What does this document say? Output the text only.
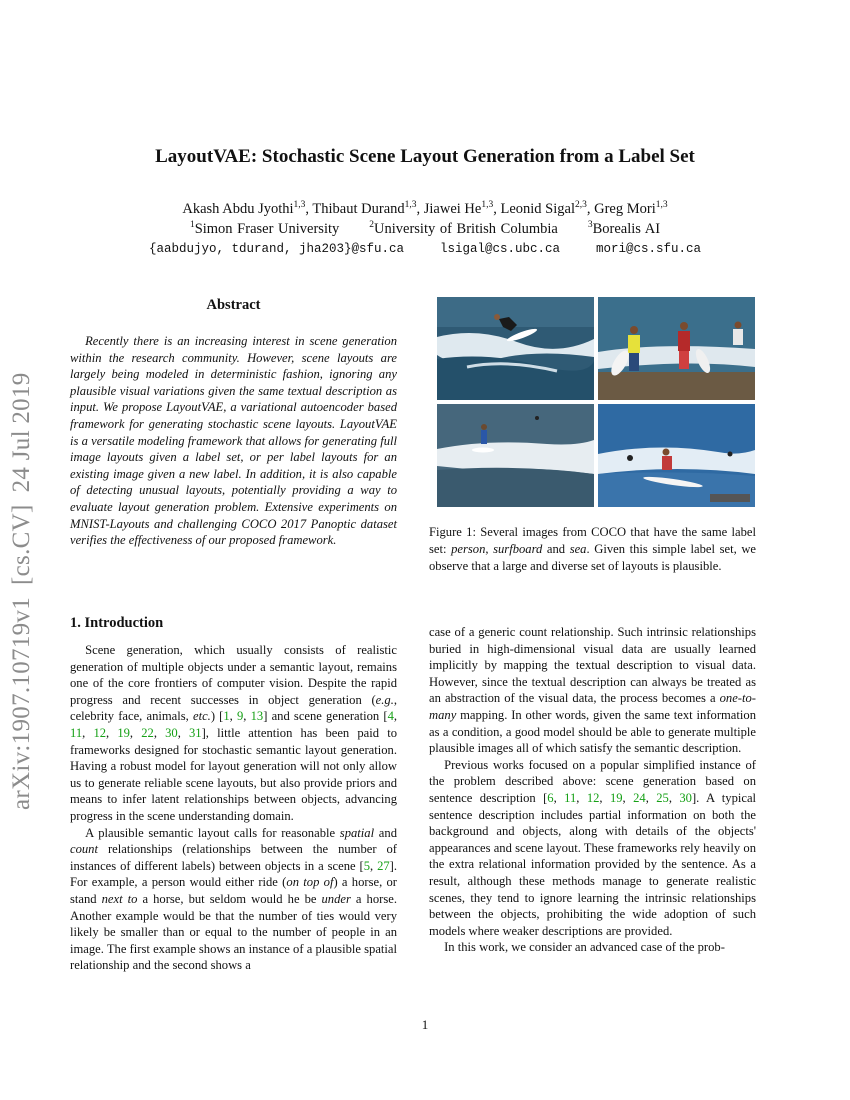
LayoutVAE: Stochastic Scene Layout Generation from a Label Set
Akash Abdu Jyothi$^{1,3}$, Thibaut Durand$^{1,3}$, Jiawei He$^{1,3}$, Leonid Sigal$^{2,3}$, Greg Mori$^{1,3}$
$^1$Simon Fraser University	$^2$University of British Columbia	$^3$Borealis AI
{aabdujyo, tdurand, jha203}@sfu.ca	lsigal@cs.ubc.ca	mori@cs.sfu.ca
arXiv:1907.10719v1[cs.CV]24 Jul 2019
Abstract

Recently there is an increasing interest in scene generation within the research community. However, scene layouts are largely being modeled in deterministic fashion, ignoring any plausible visual variations given the same textual description as input. We propose LayoutVAE, a variational autoencoder based framework for generating stochastic scene layouts. LayoutVAE is a versatile modeling framework that allows for generating full image layouts given a label set, or per label layouts for an existing image given a new label. In addition, it is also capable of detecting unusual layouts, potentially providing a way to evaluate layout generation problem. Extensive experiments on MNIST-Layouts and challenging COCO 2017 Panoptic dataset verifies the effectiveness of our proposed framework.

Figure 1: Several images from COCO that have the same label set: person, surfboard and sea. Given this simple label set, we observe that a large and diverse set of layouts is plausible.
1. Introduction

Scene generation, which usually consists of realistic generation of multiple objects under a semantic layout, remains one of the core frontiers of computer vision. Despite the rapid progress and recent successes in object generation (e.g., celebrity face, animals, etc.) [1, 9, 13] and scene generation [4, 11, 12, 19, 22, 30, 31], little attention has been paid to frameworks designed for stochastic semantic layout generation. Having a robust model for layout generation will not only allow us to generate reliable scene layouts, but also provide priors and means to infer latent relationships between objects, advancing progress in the scene understanding domain.

A plausible semantic layout calls for reasonable spatial and count relationships (relationships between the number of instances of different labels) between objects in a scene [5, 27]. For example, a person would either ride (on top of) a horse, or stand next to a horse, but seldom would he be under a horse. Another example would be that the number of ties would very likely be smaller than or equal to the number of people in an image. The first example shows an instance of a plausible spatial relationship and the second shows a

case of a generic count relationship. Such intrinsic relationships buried in high-dimensional visual data are usually learned implicitly by mapping the textual description to visual data. However, since the textual description can always be treated as an abstraction of the visual data, the process becomes a one-to-many mapping. In other words, given the same text information as a condition, a good model should be able to generate multiple plausible images all of which satisfy the semantic description.

Previous works focused on a popular simplified instance of the problem described above: scene generation based on sentence description [6, 11, 12, 19, 24, 25, 30]. A typical sentence description includes partial information on both the background and objects, along with details of the objects' appearances and scene layout. These frameworks rely heavily on the extra relational information provided by the sentence. As a result, although these methods manage to generate realistic scenes, they tend to ignore learning the intrinsic relationships between the objects, prohibiting the wide adoption of such models where weaker descriptions are provided.

In this work, we consider an advanced case of the prob-

1
